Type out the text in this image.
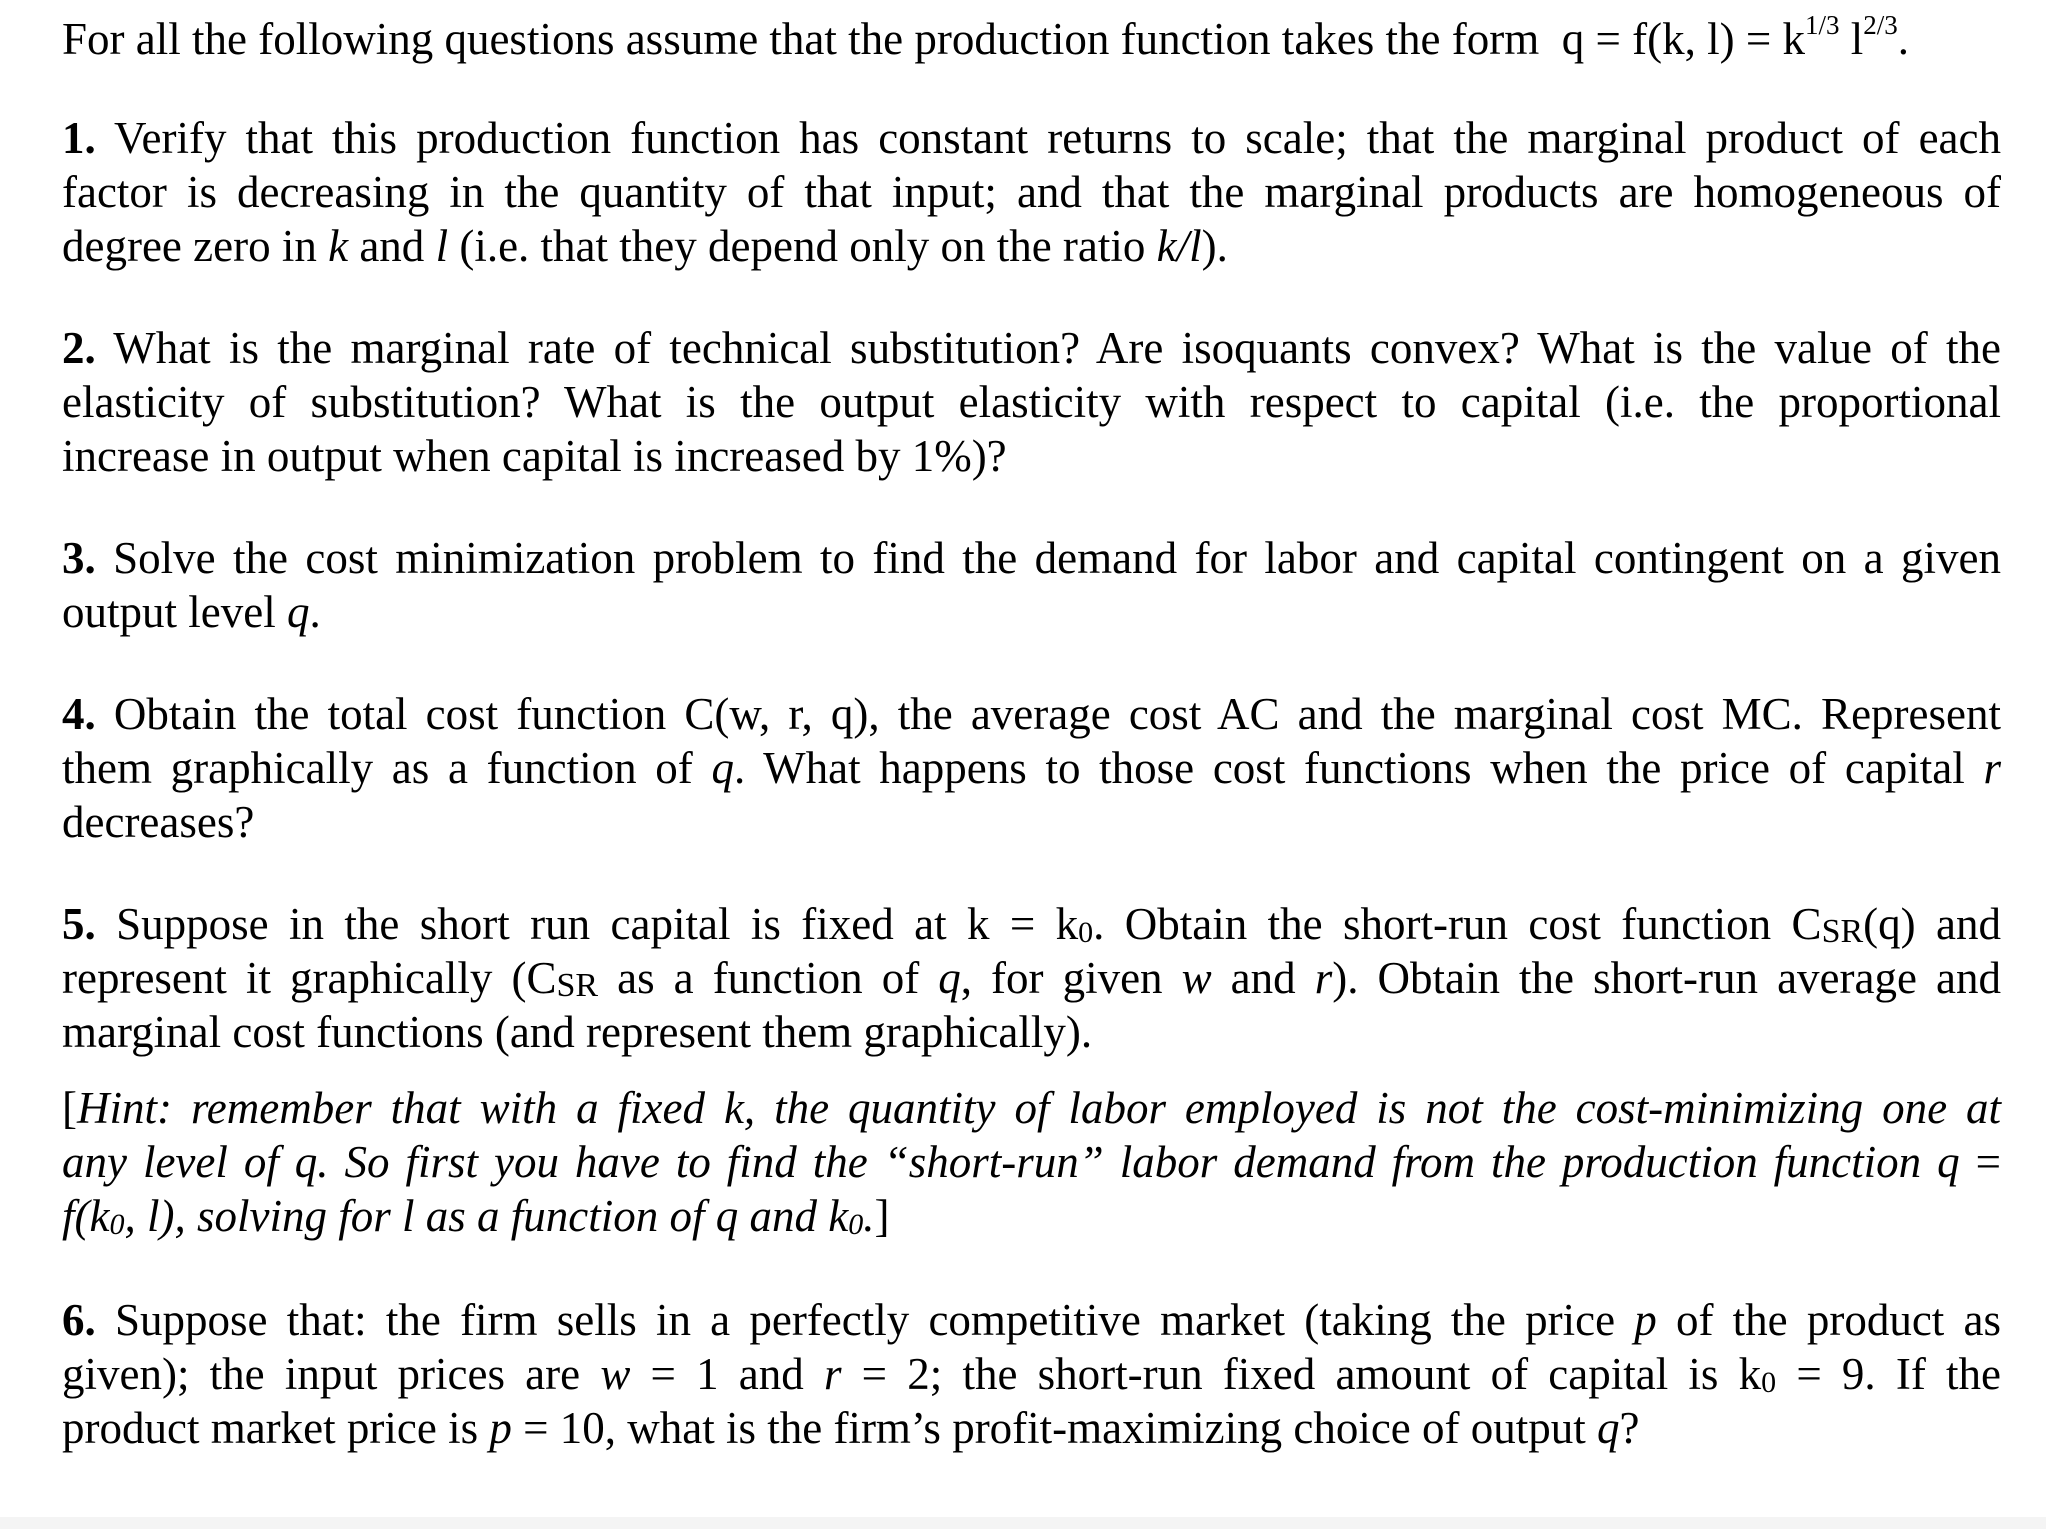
For all the following questions assume that the production function takes the form q = f(k, $l) = k^{1/3}$ $l^{2/3}$.

1. Verify that this production function has constant returns to scale; that the marginal product of each

factor is decreasing in the quantity of that input; and that the marginal products are homogeneous of

degree zero in k and l (i.e. that they depend only on the ratio k/l).

2. What is the marginal rate of technical substitution? Are isoquants convex? What is the value of the

elasticity of substitution? What is the output elasticity with respect to capital (i.e. the proportional

increase in output when capital is increased by 1%)?

3. Solve the cost minimization problem to find the demand for labor and capital contingent on a given

output level q.

4. Obtain the total cost function C(w, r, q), the average cost AC and the marginal cost MC. Represent

them graphically as a function of q. What happens to those cost functions when the price of capital r

decreases?

5. Suppose in the short run capital is fixed at $k = k_0$. Obtain the short-run cost function $C_{SR}(q)$ and

represent it graphically ($C_{SR}$ as a function of q, for given w and r). Obtain the short-run average and

marginal cost functions (and represent them graphically).

[Hint: remember that with a fixed k, the quantity of labor employed is not the cost-minimizing one at

any level of q. So first you have to find the “short-run” labor demand from the production function q =

$f(k_0$, l), solving for l as a function of q and $k_0$.]

6. Suppose that: the firm sells in a perfectly competitive market (taking the price p of the product as

given); the input prices are w = 1 and r = 2; the short-run fixed amount of capital is $k_0 = 9$. If the

product market price is p = 10, what is the firm’s profit-maximizing choice of output q?
